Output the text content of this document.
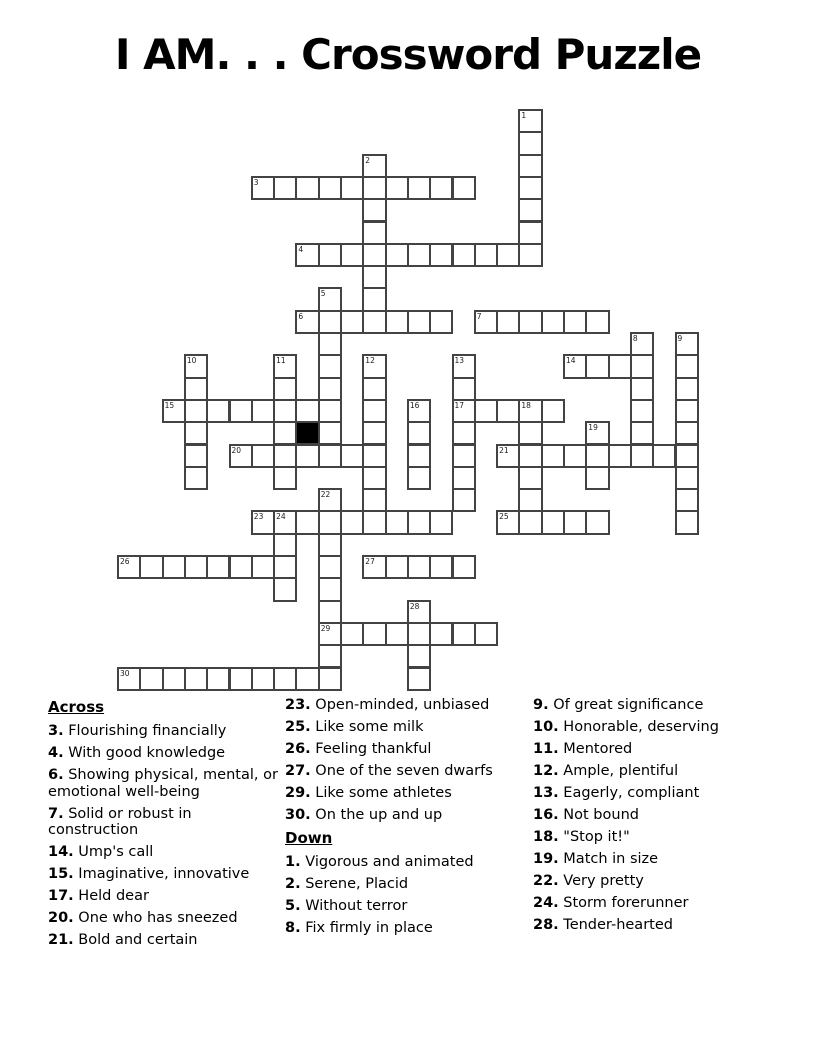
I AM. . . Crossword Puzzle
1
2
3
4
5
6	7
8	9
10	11	12	13
17
14
15	16	18
19
20	21
22
29
23 24	25
26	27
28
30
Across
3. Flourishing financially
4. With good knowledge
6. Showing physical, mental, or emotional well-being
7. Solid or robust in construction
14. Ump's call
15. Imaginative, innovative
17. Held dear
20. One who has sneezed
21. Bold and certain
23. Open-minded, unbiased
25. Like some milk
26. Feeling thankful
27. One of the seven dwarfs
29. Like some athletes
30. On the up and up
Down
1. Vigorous and animated
2. Serene, Placid
5. Without terror
8. Fix firmly in place
9. Of great significance
10. Honorable, deserving
11. Mentored
12. Ample, plentiful
13. Eagerly, compliant
16. Not bound
18. "Stop it!"
19. Match in size
22. Very pretty
24. Storm forerunner
28. Tender-hearted
